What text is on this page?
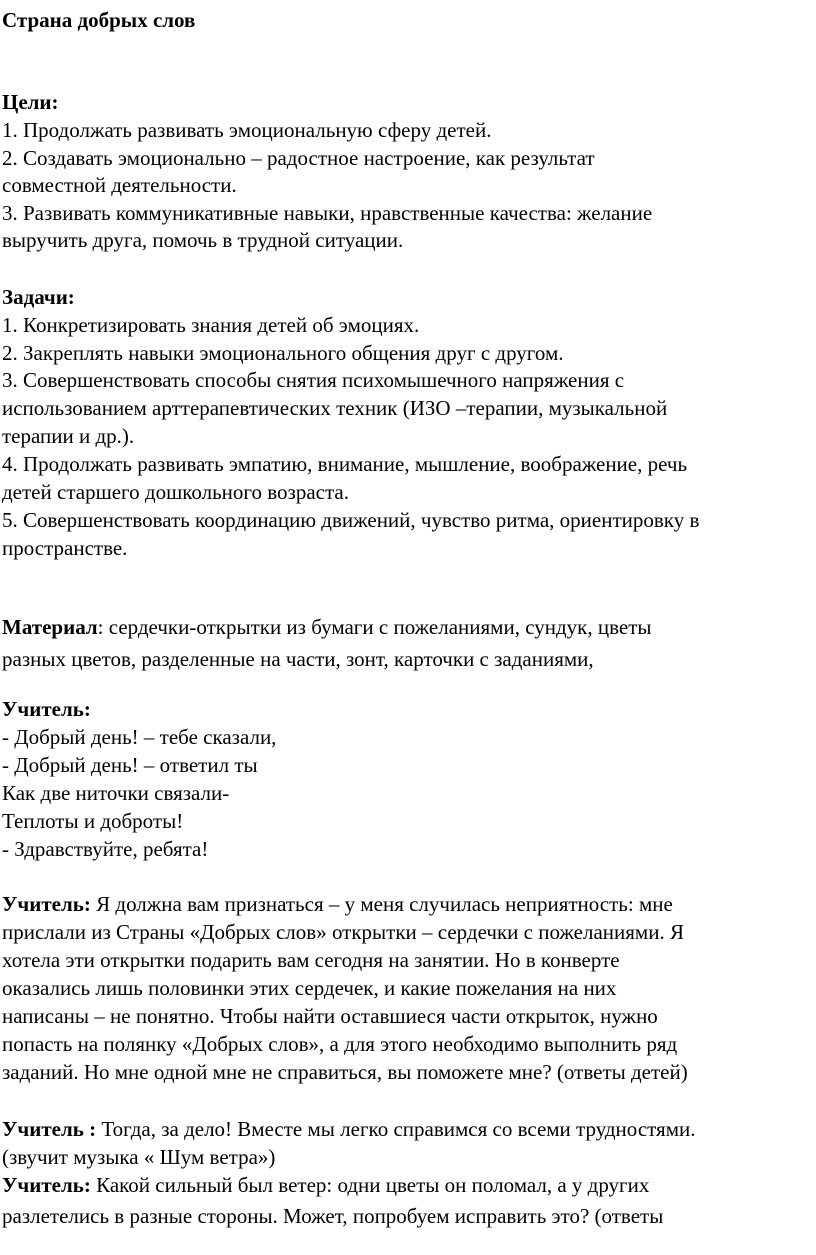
Страна добрых слов
Цели:
1. Продолжать развивать эмоциональную сферу детей.
2. Создавать эмоционально – радостное настроение, как результат
совместной деятельности.
3. Развивать коммуникативные навыки, нравственные качества: желание
выручить друга, помочь в трудной ситуации.
Задачи:
1. Конкретизировать знания детей об эмоциях.
2. Закреплять навыки эмоционального общения друг с другом.
3. Совершенствовать способы снятия психомышечного напряжения с
использованием арттерапевтических техник (ИЗО –терапии, музыкальной
терапии и др.).
4. Продолжать развивать эмпатию, внимание, мышление, воображение, речь
детей старшего дошкольного возраста.
5. Совершенствовать координацию движений, чувство ритма, ориентировку в
пространстве.
Материал: сердечки-открытки из бумаги с пожеланиями, сундук, цветы
разных цветов, разделенные на части, зонт, карточки с заданиями,
Учитель:
- Добрый день! – тебе сказали,
- Добрый день! – ответил ты
Как две ниточки связали-
Теплоты и доброты!
- Здравствуйте, ребята!
Учитель: Я должна вам признаться – у меня случилась неприятность: мне
прислали из Страны «Добрых слов» открытки – сердечки с пожеланиями. Я
хотела эти открытки подарить вам сегодня на занятии. Но в конверте
оказались лишь половинки этих сердечек, и какие пожелания на них
написаны – не понятно. Чтобы найти оставшиеся части открыток, нужно
попасть на полянку «Добрых слов», а для этого необходимо выполнить ряд
заданий. Но мне одной мне не справиться, вы поможете мне? (ответы детей)
Учитель : Тогда, за дело! Вместе мы легко справимся со всеми трудностями.
(звучит музыка « Шум ветра»)
Учитель: Какой сильный был ветер: одни цветы он поломал, а у других
разлетелись в разные стороны. Может, попробуем исправить это? (ответы
